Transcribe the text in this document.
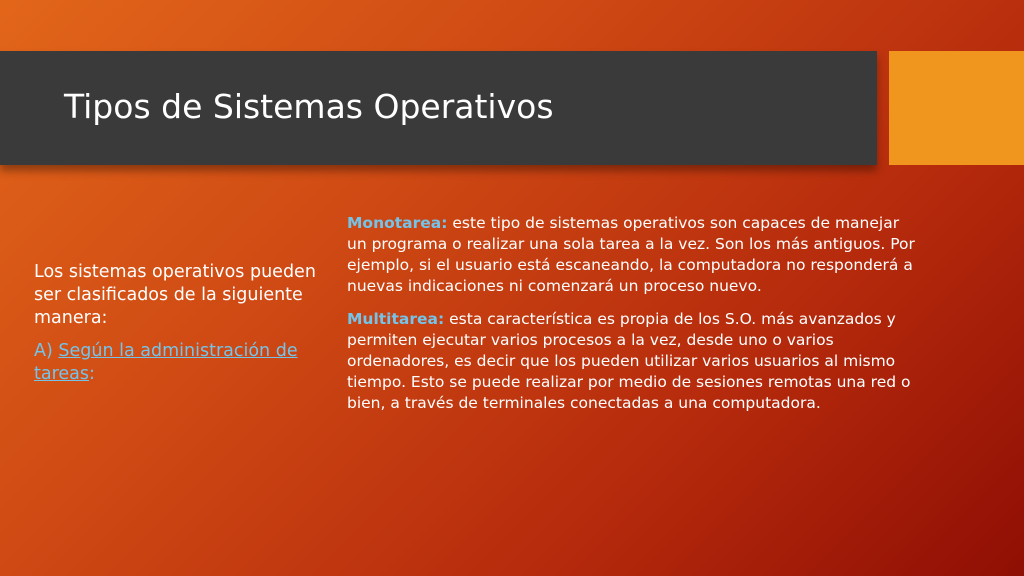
Tipos de Sistemas Operativos

Los sistemas operativos pueden ser clasificados de la siguiente manera:

A) Según la administración de tareas:

Monotarea: este tipo de sistemas operativos son capaces de manejar un programa o realizar una sola tarea a la vez. Son los más antiguos. Por ejemplo, si el usuario está escaneando, la computadora no responderá a nuevas indicaciones ni comenzará un proceso nuevo.

Multitarea: esta característica es propia de los S.O. más avanzados y permiten ejecutar varios procesos a la vez, desde uno o varios ordenadores, es decir que los pueden utilizar varios usuarios al mismo tiempo. Esto se puede realizar por medio de sesiones remotas una red o bien, a través de terminales conectadas a una computadora.
